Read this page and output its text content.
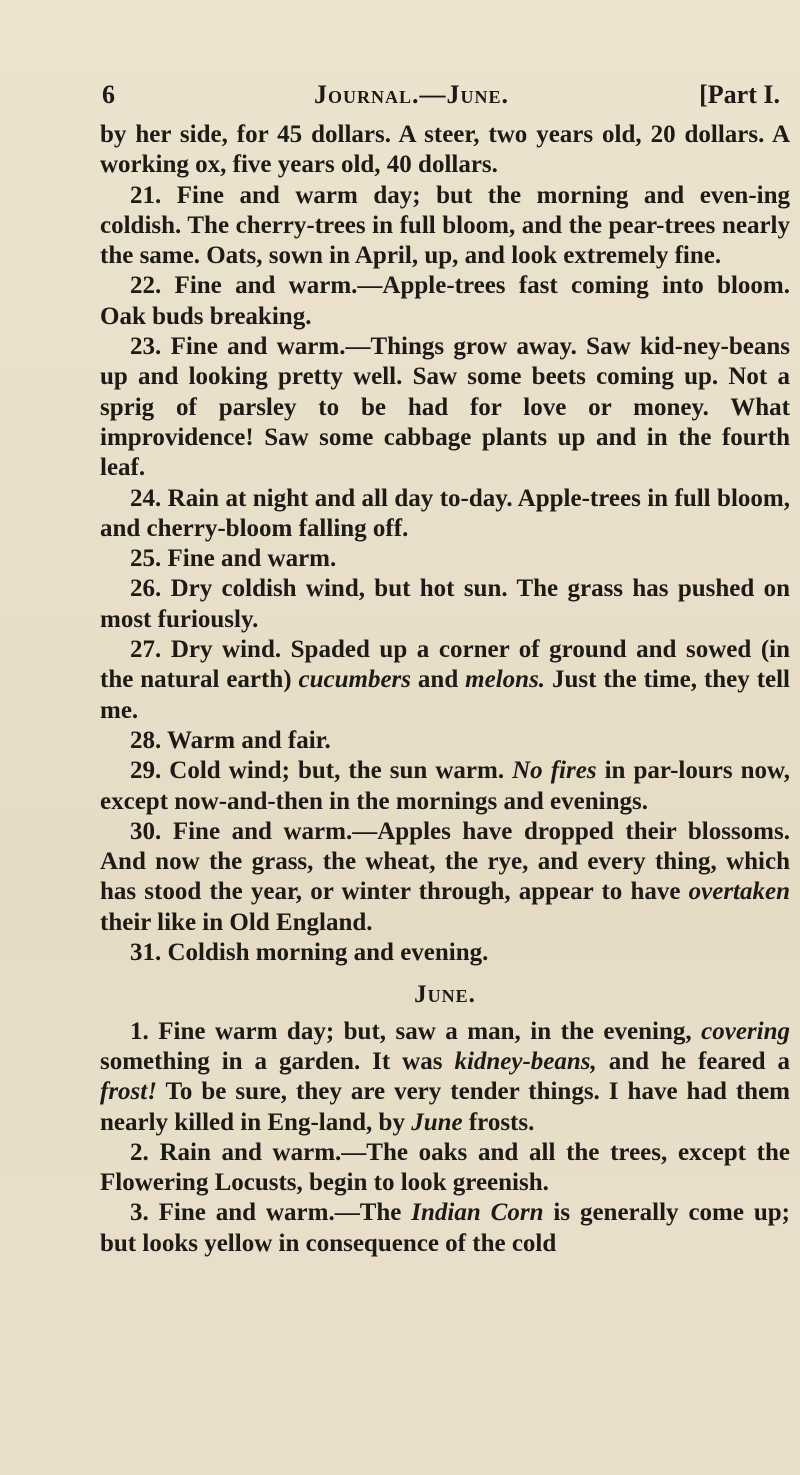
6	Journal.—June.	[Part I.

by her side, for 45 dollars. A steer, two years old, 20 dollars. A working ox, five years old, 40 dollars.

21. Fine and warm day; but the morning and even-ing coldish. The cherry-trees in full bloom, and the pear-trees nearly the same. Oats, sown in April, up, and look extremely fine.

22. Fine and warm.—Apple-trees fast coming into bloom. Oak buds breaking.

23. Fine and warm.—Things grow away. Saw kid-ney-beans up and looking pretty well. Saw some beets coming up. Not a sprig of parsley to be had for love or money. What improvidence! Saw some cabbage plants up and in the fourth leaf.

24. Rain at night and all day to-day. Apple-trees in full bloom, and cherry-bloom falling off.

25. Fine and warm.

26. Dry coldish wind, but hot sun. The grass has pushed on most furiously.

27. Dry wind. Spaded up a corner of ground and sowed (in the natural earth) cucumbers and melons. Just the time, they tell me.

28. Warm and fair.

29. Cold wind; but, the sun warm. No fires in par-lours now, except now-and-then in the mornings and evenings.

30. Fine and warm.—Apples have dropped their blossoms. And now the grass, the wheat, the rye, and every thing, which has stood the year, or winter through, appear to have overtaken their like in Old England.

31. Coldish morning and evening.

June.

1. Fine warm day; but, saw a man, in the evening, covering something in a garden. It was kidney-beans, and he feared a frost! To be sure, they are very tender things. I have had them nearly killed in Eng-land, by June frosts.

2. Rain and warm.—The oaks and all the trees, except the Flowering Locusts, begin to look greenish.

3. Fine and warm.—The Indian Corn is generally come up; but looks yellow in consequence of the cold
